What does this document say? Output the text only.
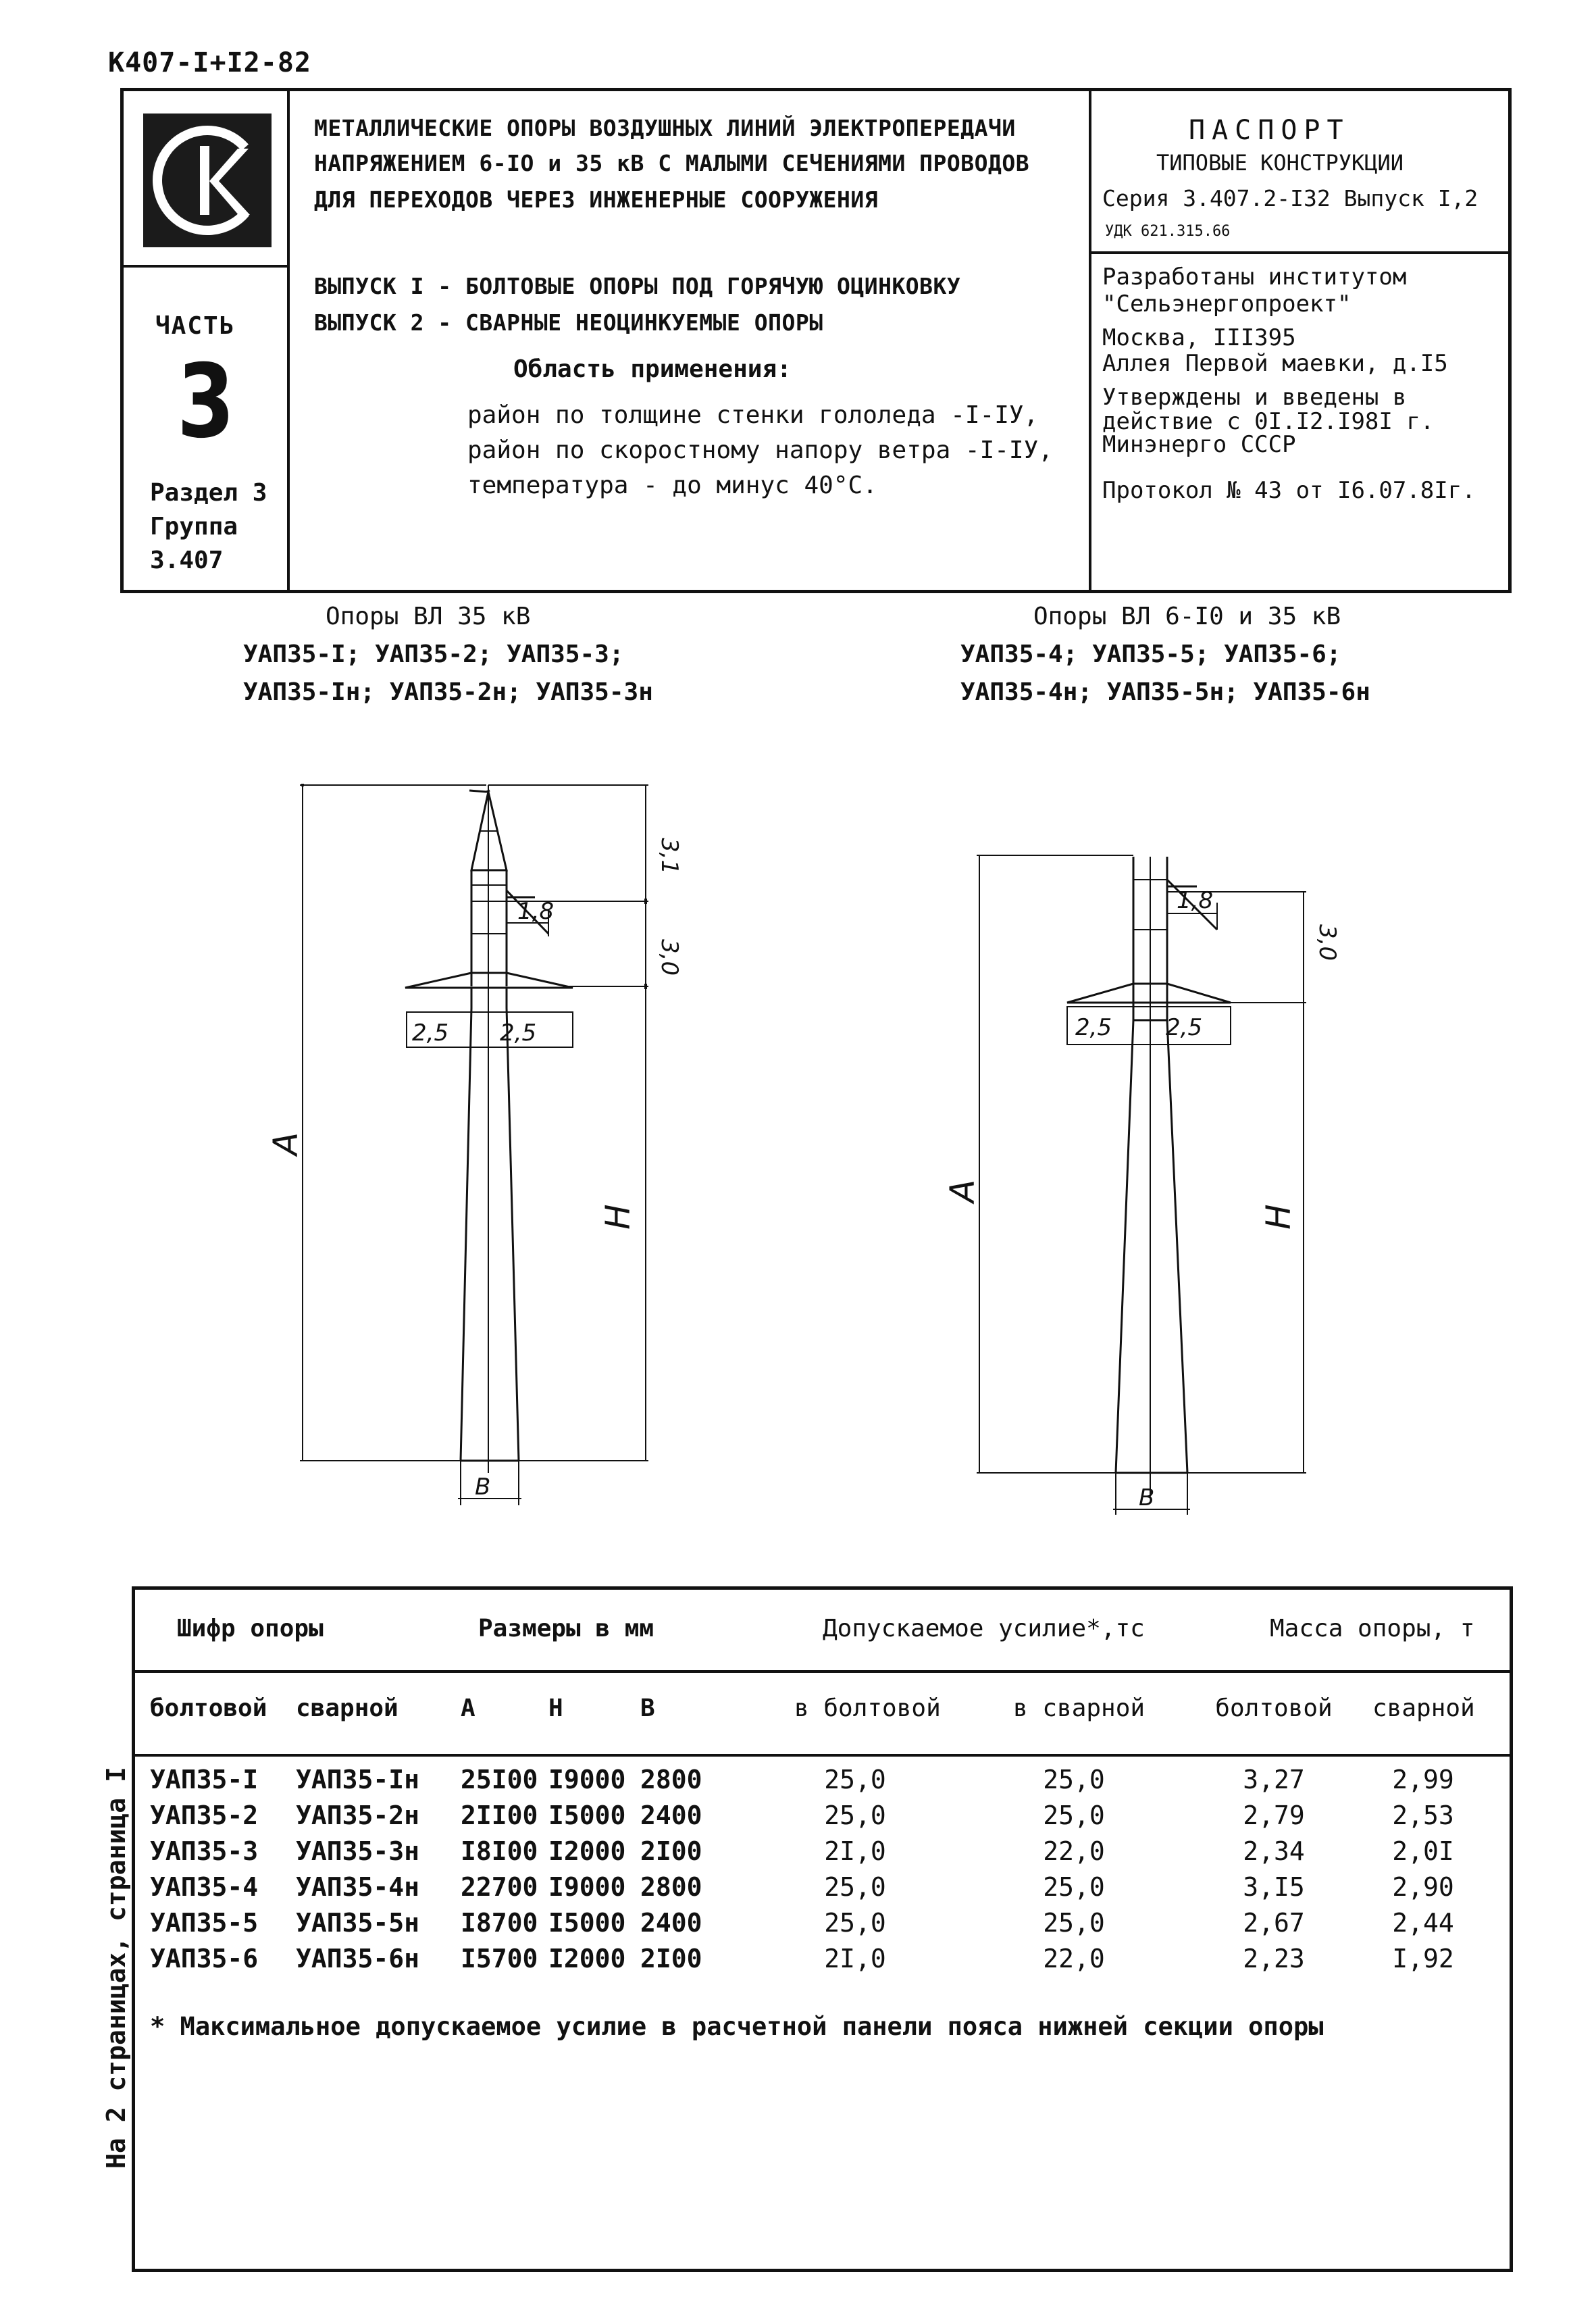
К407-I+I2-82
ЧАСТЬ
3
Раздел 3
Группа
3.407
МЕТАЛЛИЧЕСКИЕ ОПОРЫ ВОЗДУШНЫХ ЛИНИЙ ЭЛЕКТРОПЕРЕДАЧИ
НАПРЯЖЕНИЕМ 6-IO и 35 кВ С МАЛЫМИ СЕЧЕНИЯМИ ПРОВОДОВ
ДЛЯ ПЕРЕХОДОВ ЧЕРЕЗ ИНЖЕНЕРНЫЕ СООРУЖЕНИЯ
ВЫПУСК I - БОЛТОВЫЕ ОПОРЫ ПОД ГОРЯЧУЮ ОЦИНКОВКУ
ВЫПУСК 2 - СВАРНЫЕ НЕОЦИНКУЕМЫЕ ОПОРЫ
Область применения:
район по толщине стенки гололеда -I-IУ,
район по скоростному напору ветра -I-IУ,
температура - до минус 40°С.
ПАСПОРТ
ТИПОВЫЕ КОНСТРУКЦИИ
Серия 3.407.2-I32 Выпуск I,2
УДК 621.315.66
Разработаны институтом
"Сельэнергопроект"
Москва, III395
Аллея Первой маевки, д.I5
Утверждены и введены в
действие с 0I.I2.I98I г.
Минэнерго СССР
Протокол № 43 от I6.07.8Iг.
Опоры ВЛ 35 кВ
УАП35-I; УАП35-2; УАП35-3;
УАП35-Iн; УАП35-2н; УАП35-3н
Опоры ВЛ 6-I0 и 35 кВ
УАП35-4; УАП35-5; УАП35-6;
УАП35-4н; УАП35-5н; УАП35-6н
1,8
2,5 2,5
B
3,1
3,0
A
H
1,8
2,5 2,5
B
3,0
A
H
Шифр опоры	Размеры в мм	Допускаемое усилие*,тс	Масса опоры, т
болтовой сварной	А	Н	В	в болтовой	в сварной	болтовой сварной
УАП35-I УАП35-Iн 25I00 I9000 2800	25,0	25,0	3,27	2,99
УАП35-2 УАП35-2н 2II00 I5000 2400	25,0	25,0	2,79	2,53
УАП35-3 УАП35-3н I8I00 I2000 2I00	2I,0	22,0	2,34	2,0I
УАП35-4 УАП35-4н 22700 I9000 2800	25,0	25,0	3,I5	2,90
УАП35-5 УАП35-5н I8700 I5000 2400	25,0	25,0	2,67	2,44
УАП35-6 УАП35-6н I5700 I2000 2I00	2I,0	22,0	2,23	I,92
* Максимальное допускаемое усилие в расчетной панели пояса нижней секции опоры
На 2 страницах, страница I
